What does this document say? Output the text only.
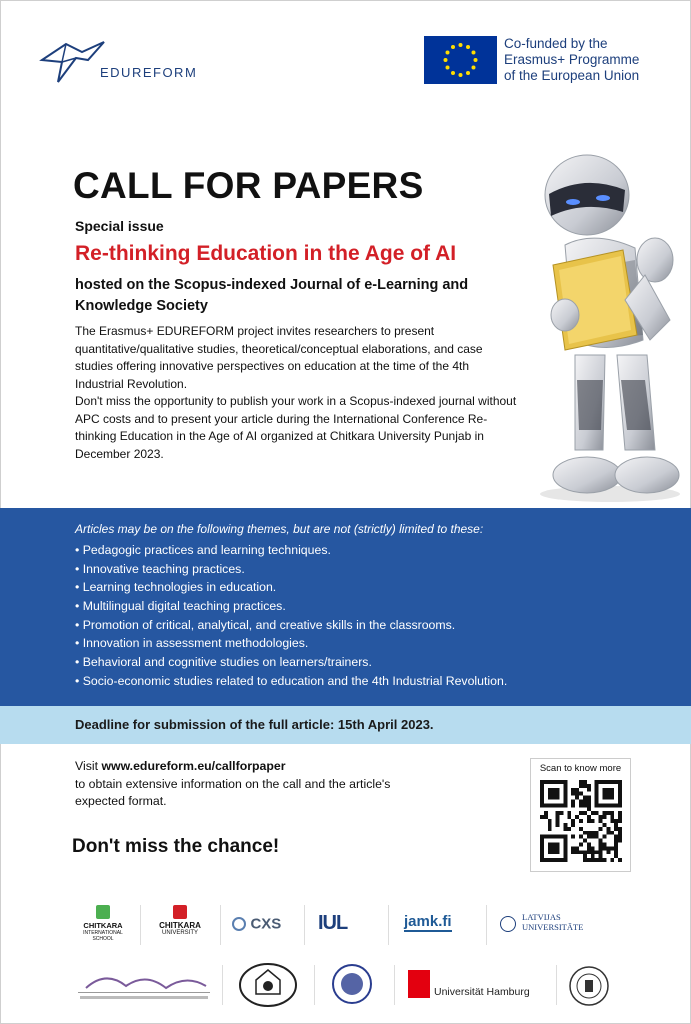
EDUREFORM
Co-funded by the
Erasmus+ Programme
of the European Union
CALL FOR PAPERS
Special issue
Re-thinking Education in the Age of AI
hosted on the Scopus-indexed Journal of e-Learning and Knowledge Society

The Erasmus+ EDUREFORM project invites researchers to present quantitative/qualitative studies, theoretical/conceptual elaborations, and case studies offering innovative perspectives on education at the time of the 4th Industrial Revolution.

Don't miss the opportunity to publish your work in a Scopus-indexed journal without APC costs and to present your article during the International Conference Re-thinking Education in the Age of AI organized at Chitkara University Punjab in December 2023.

Articles may be on the following themes, but are not (strictly) limited to these:
• Pedagogic practices and learning techniques.
• Innovative teaching practices.
• Learning technologies in education.
• Multilingual digital teaching practices.
• Promotion of critical, analytical, and creative skills in the classrooms.
• Innovation in assessment methodologies.
• Behavioral and cognitive studies on learners/trainers.
• Socio-economic studies related to education and the 4th Industrial Revolution.
Deadline for submission of the full article: 15th April 2023.
Visit www.edureform.eu/callforpaper
to obtain extensive information on the call and the article's expected format.
Don't miss the chance!
Scan to know more
CHITKARA
INTERNATIONAL
SCHOOL
CHITKARA
UNIVERSITY
CXS	IUL	jamk.fi	LATVIJAS
UNIVERSITĀTE
Universität Hamburg
